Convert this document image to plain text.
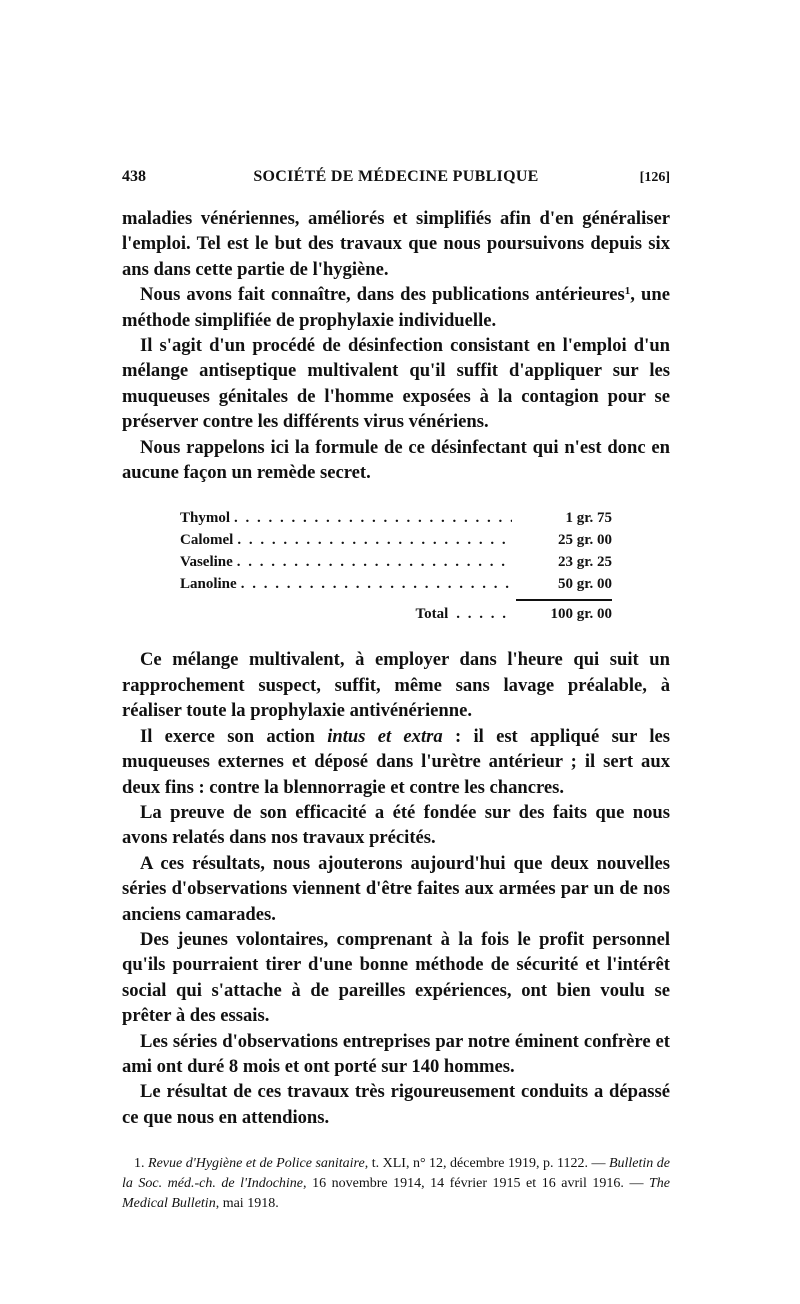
438	SOCIÉTÉ DE MÉDECINE PUBLIQUE	[126]

maladies vénériennes, améliorés et simplifiés afin d'en généraliser l'emploi. Tel est le but des travaux que nous poursuivons depuis six ans dans cette partie de l'hygiène.

Nous avons fait connaître, dans des publications antérieures$^1$, une méthode simplifiée de prophylaxie individuelle.

Il s'agit d'un procédé de désinfection consistant en l'emploi d'un mélange antiseptique multivalent qu'il suffit d'appliquer sur les muqueuses génitales de l'homme exposées à la contagion pour se préserver contre les différents virus vénériens.

Nous rappelons ici la formule de ce désinfectant qui n'est donc en aucune façon un remède secret.

Thymol . . .	1 gr. 75
Calomel . . .	25 gr. 00
Vaseline . . .	23 gr. 25
Lanoline . . .	50 gr. 00
Total . . . . .	100 gr. 00

Ce mélange multivalent, à employer dans l'heure qui suit un rapprochement suspect, suffit, même sans lavage préalable, à réaliser toute la prophylaxie antivénérienne.

Il exerce son action intus et extra : il est appliqué sur les muqueuses externes et déposé dans l'urètre antérieur ; il sert aux deux fins : contre la blennorragie et contre les chancres.

La preuve de son efficacité a été fondée sur des faits que nous avons relatés dans nos travaux précités.

A ces résultats, nous ajouterons aujourd'hui que deux nouvelles séries d'observations viennent d'être faites aux armées par un de nos anciens camarades.

Des jeunes volontaires, comprenant à la fois le profit personnel qu'ils pourraient tirer d'une bonne méthode de sécurité et l'intérêt social qui s'attache à de pareilles expériences, ont bien voulu se prêter à des essais.

Les séries d'observations entreprises par notre éminent confrère et ami ont duré 8 mois et ont porté sur 140 hommes.

Le résultat de ces travaux très rigoureusement conduits a dépassé ce que nous en attendions.

1. Revue d'Hygiène et de Police sanitaire, t. XLI, n° 12, décembre 1919, p. 1122. — Bulletin de la Soc. méd.-ch. de l'Indochine, 16 novembre 1914, 14 février 1915 et 16 avril 1916. — The Medical Bulletin, mai 1918.
